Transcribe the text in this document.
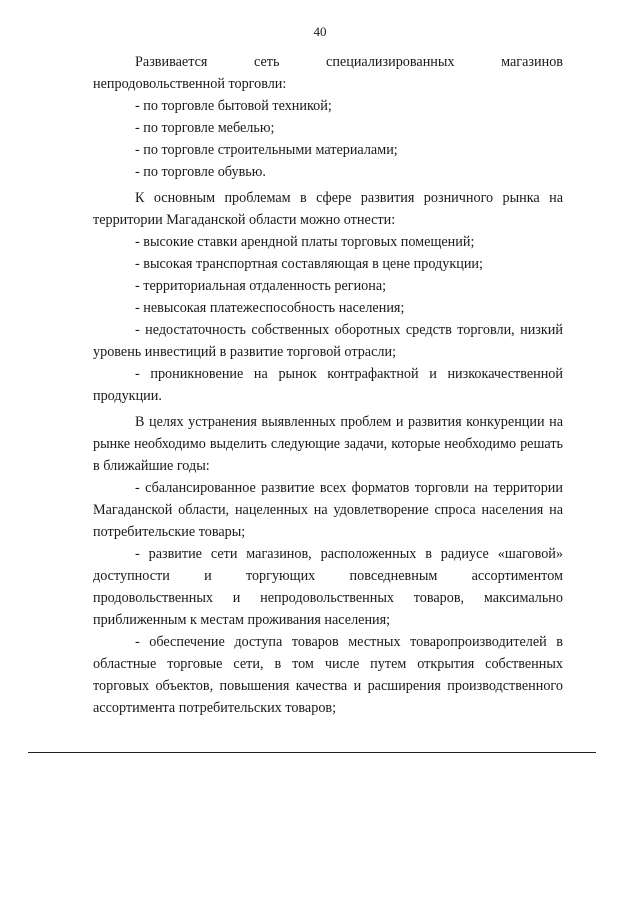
40

Развивается сеть специализированных магазинов непродовольственной торговли:

- по торговле бытовой техникой;

- по торговле мебелью;

- по торговле строительными материалами;

- по торговле обувью.

К основным проблемам в сфере развития розничного рынка на территории Магаданской области можно отнести:

- высокие ставки арендной платы торговых помещений;

- высокая транспортная составляющая в цене продукции;

- территориальная отдаленность региона;

- невысокая платежеспособность населения;

- недостаточность собственных оборотных средств торговли, низкий уровень инвестиций в развитие торговой отрасли;

- проникновение на рынок контрафактной и низкокачественной продукции.

В целях устранения выявленных проблем и развития конкуренции на рынке необходимо выделить следующие задачи, которые необходимо решать в ближайшие годы:

- сбалансированное развитие всех форматов торговли на территории Магаданской области, нацеленных на удовлетворение спроса населения на потребительские товары;

- развитие сети магазинов, расположенных в радиусе «шаговой» доступности и торгующих повседневным ассортиментом продовольственных и непродовольственных товаров, максимально приближенным к местам проживания населения;

- обеспечение доступа товаров местных товаропроизводителей в областные торговые сети, в том числе путем открытия собственных торговых объектов, повышения качества и расширения производственного ассортимента потребительских товаров;
